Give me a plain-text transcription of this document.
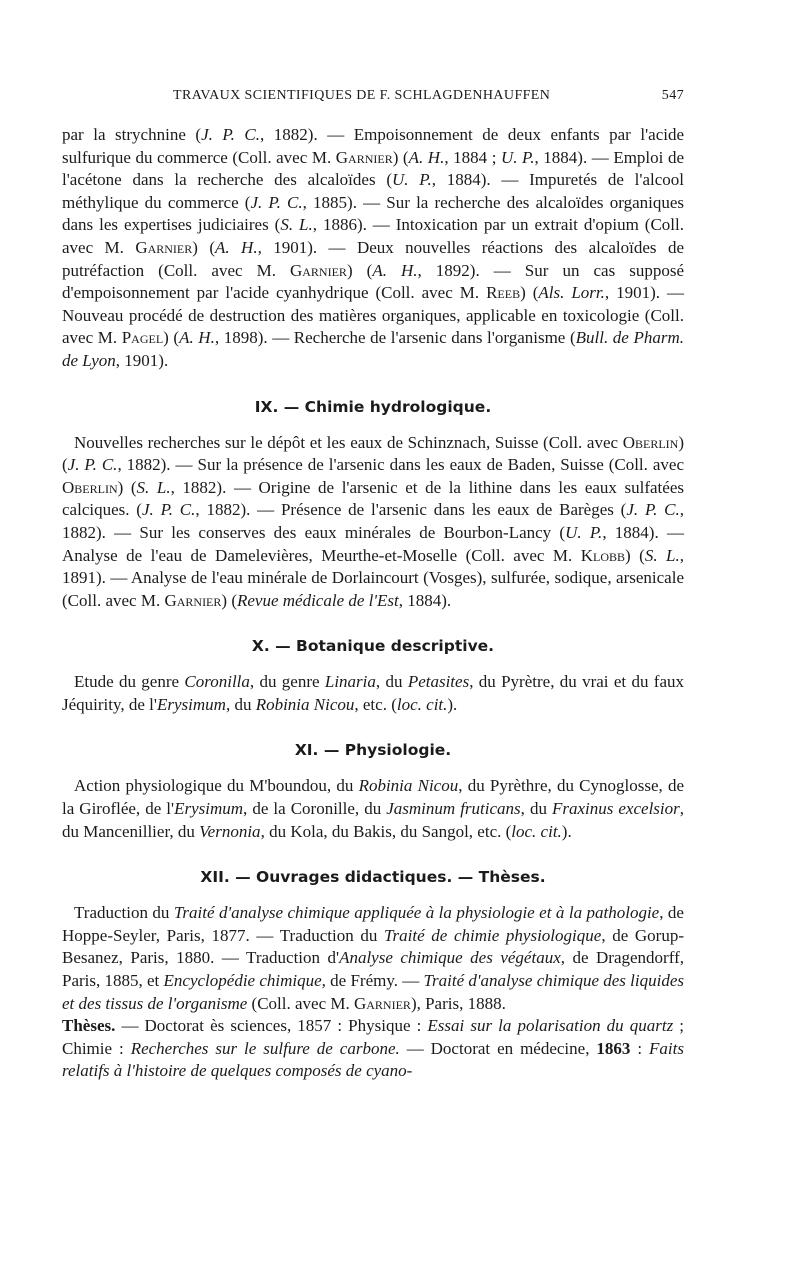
TRAVAUX SCIENTIFIQUES DE F. SCHLAGDENHAUFFEN	547

par la strychnine (J. P. C., 1882). — Empoisonnement de deux enfants par l'acide sulfurique du commerce (Coll. avec M. Garnier) (A. H., 1884 ; U. P., 1884). — Emploi de l'acétone dans la recherche des alcaloïdes (U. P., 1884). — Impuretés de l'alcool méthylique du commerce (J. P. C., 1885). — Sur la recherche des alcaloïdes organiques dans les expertises judiciaires (S. L., 1886). — Intoxication par un extrait d'opium (Coll. avec M. Garnier) (A. H., 1901). — Deux nouvelles réactions des alcaloïdes de putréfaction (Coll. avec M. Garnier) (A. H., 1892). — Sur un cas supposé d'empoisonnement par l'acide cyanhydrique (Coll. avec M. Reeb) (Als. Lorr., 1901). — Nouveau procédé de destruction des matières organiques, applicable en toxicologie (Coll. avec M. Pagel) (A. H., 1898). — Recherche de l'arsenic dans l'organisme (Bull. de Pharm. de Lyon, 1901).

IX. — Chimie hydrologique.

Nouvelles recherches sur le dépôt et les eaux de Schinznach, Suisse (Coll. avec Oberlin) (J. P. C., 1882). — Sur la présence de l'arsenic dans les eaux de Baden, Suisse (Coll. avec Oberlin) (S. L., 1882). — Origine de l'arsenic et de la lithine dans les eaux sulfatées calciques. (J. P. C., 1882). — Présence de l'arsenic dans les eaux de Barèges (J. P. C., 1882). — Sur les conserves des eaux minérales de Bourbon-Lancy (U. P., 1884). — Analyse de l'eau de Damelevières, Meurthe-et-Moselle (Coll. avec M. Klobb) (S. L., 1891). — Analyse de l'eau minérale de Dorlaincourt (Vosges), sulfurée, sodique, arsenicale (Coll. avec M. Garnier) (Revue médicale de l'Est, 1884).

X. — Botanique descriptive.

Etude du genre Coronilla, du genre Linaria, du Petasites, du Pyrètre, du vrai et du faux Jéquirity, de l'Erysimum, du Robinia Nicou, etc. (loc. cit.).

XI. — Physiologie.

Action physiologique du M'boundou, du Robinia Nicou, du Pyrèthre, du Cynoglosse, de la Giroflée, de l'Erysimum, de la Coronille, du Jasminum fruticans, du Fraxinus excelsior, du Mancenillier, du Vernonia, du Kola, du Bakis, du Sangol, etc. (loc. cit.).

XII. — Ouvrages didactiques. — Thèses.

Traduction du Traité d'analyse chimique appliquée à la physiologie et à la pathologie, de Hoppe-Seyler, Paris, 1877. — Traduction du Traité de chimie physiologique, de Gorup-Besanez, Paris, 1880. — Traduction d'Analyse chimique des végétaux, de Dragendorff, Paris, 1885, et Encyclopédie chimique, de Frémy. — Traité d'analyse chimique des liquides et des tissus de l'organisme (Coll. avec M. Garnier), Paris, 1888.

Thèses. — Doctorat ès sciences, 1857 : Physique : Essai sur la polarisation du quartz ; Chimie : Recherches sur le sulfure de carbone. — Doctorat en médecine, 1863 : Faits relatifs à l'histoire de quelques composés de cyano-
